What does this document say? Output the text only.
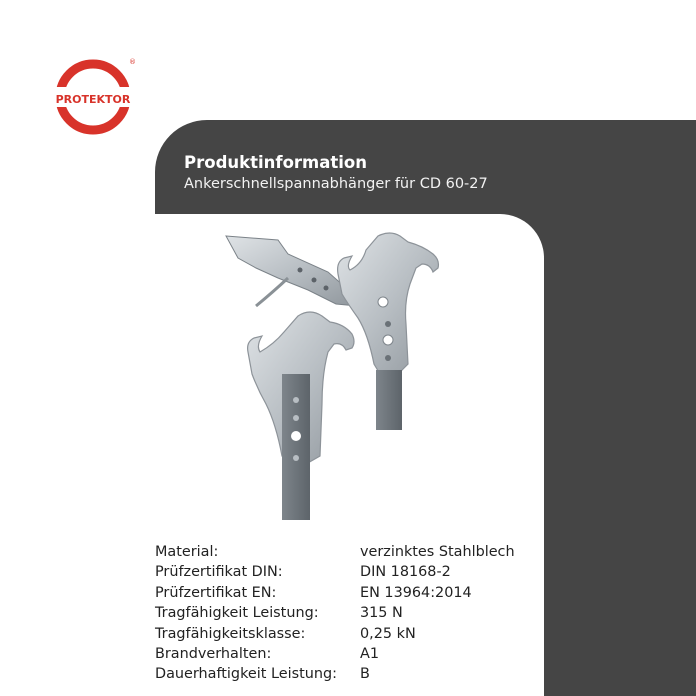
PROTEKTOR
®
Produktinformation
Ankerschnellspannabhänger für CD 60-27
Material:	verzinktes Stahlblech
Prüfzertifikat DIN:	DIN 18168-2
Prüfzertifikat EN:	EN 13964:2014
Tragfähigkeit Leistung:	315 N
Tragfähigkeitsklasse:	0,25 kN
Brandverhalten:	A1
Dauerhaftigkeit Leistung:	B
